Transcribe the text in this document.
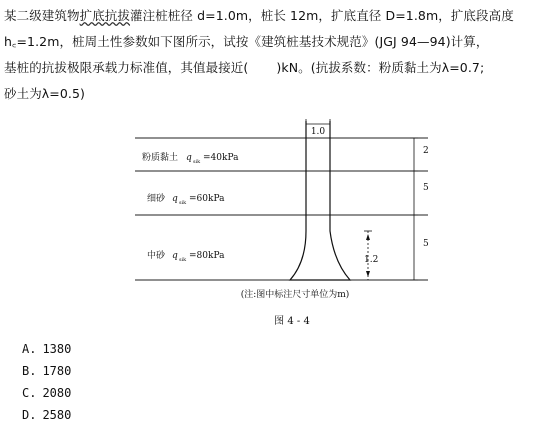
某二级建筑物扩底抗拔灌注桩桩径 d=1.0m，桩长 12m，扩底直径 D=1.8m，扩底段高度
h꜀=1.2m，桩周土性参数如下图所示，试按《建筑桩基技术规范》(JGJ 94—94)计算，
基桩的抗拔极限承载力标准值，其值最接近( )kN。(抗拔系数：粉质黏土为λ=0.7;
砂土为λ=0.5)
1.0
2
5
5
1.2
粉质黏土 q sik =40kPa
细砂 q sik =60kPa
中砂 q sik =80kPa
(注:图中标注尺寸单位为m)
图 4 - 4
A. 1380
B. 1780
C. 2080
D. 2580
